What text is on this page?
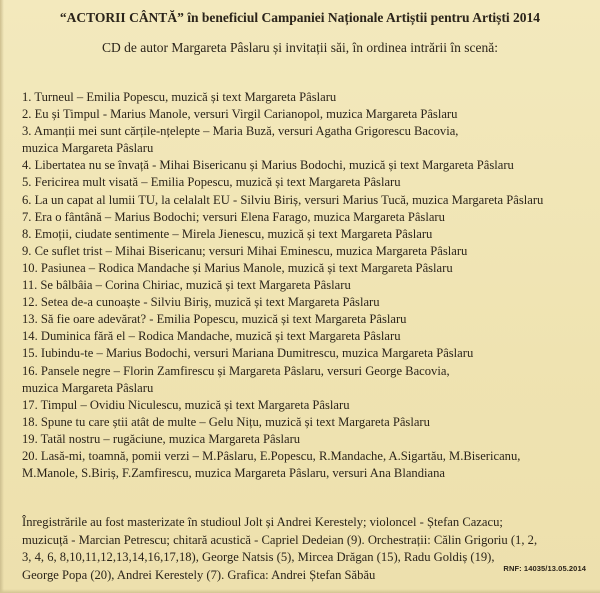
“ACTORII CÂNTĂ” în beneficiul Campaniei Naționale Artiștii pentru Artiști 2014
CD de autor Margareta Pâslaru și invitații săi, în ordinea intrării în scenă:
1. Turneul – Emilia Popescu, muzică și text Margareta Pâslaru
2. Eu și Timpul - Marius Manole, versuri Virgil Carianopol, muzica Margareta Pâslaru
3. Amanții mei sunt cărțile-nțelepte – Maria Buză, versuri Agatha Grigorescu Bacovia,
muzica Margareta Pâslaru
4. Libertatea nu se învață - Mihai Bisericanu și Marius Bodochi, muzică și text Margareta Pâslaru
5. Fericirea mult visată – Emilia Popescu, muzică și text Margareta Pâslaru
6. La un capat al lumii TU, la celalalt EU - Silviu Biriș, versuri Marius Tucă, muzica Margareta Pâslaru
7. Era o fântână – Marius Bodochi; versuri Elena Farago, muzica Margareta Pâslaru
8. Emoții, ciudate sentimente – Mirela Jienescu, muzică și text Margareta Pâslaru
9. Ce suflet trist – Mihai Bisericanu; versuri Mihai Eminescu, muzica Margareta Pâslaru
10. Pasiunea – Rodica Mandache și Marius Manole, muzică și text Margareta Pâslaru
11. Se bâlbâia – Corina Chiriac, muzică și text Margareta Pâslaru
12. Setea de-a cunoaște - Silviu Biriș, muzică și text Margareta Pâslaru
13. Să fie oare adevărat? - Emilia Popescu, muzică și text Margareta Pâslaru
14. Duminica fără el – Rodica Mandache, muzică și text Margareta Pâslaru
15. Iubindu-te – Marius Bodochi, versuri Mariana Dumitrescu, muzica Margareta Pâslaru
16. Pansele negre – Florin Zamfirescu și Margareta Pâslaru, versuri George Bacovia,
muzica Margareta Pâslaru
17. Timpul – Ovidiu Niculescu, muzică și text Margareta Pâslaru
18. Spune tu care știi atât de multe – Gelu Nițu, muzică și text Margareta Pâslaru
19. Tatăl nostru – rugăciune, muzica Margareta Pâslaru
20. Lasă-mi, toamnă, pomii verzi – M.Pâslaru, E.Popescu, R.Mandache, A.Sigartău, M.Bisericanu,
M.Manole, S.Biriș, F.Zamfirescu, muzica Margareta Pâslaru, versuri Ana Blandiana
Înregistrările au fost masterizate în studioul Jolt și Andrei Kerestely; violoncel - Ștefan Cazacu;
muzicuță - Marcian Petrescu; chitară acustică - Capriel Dedeian (9). Orchestrații: Călin Grigoriu (1, 2,
3, 4, 6, 8,10,11,12,13,14,16,17,18), George Natsis (5), Mircea Drăgan (15), Radu Goldiș (19),
George Popa (20), Andrei Kerestely (7). Grafica: Andrei Ștefan Săbău	RNF: 14035/13.05.2014
